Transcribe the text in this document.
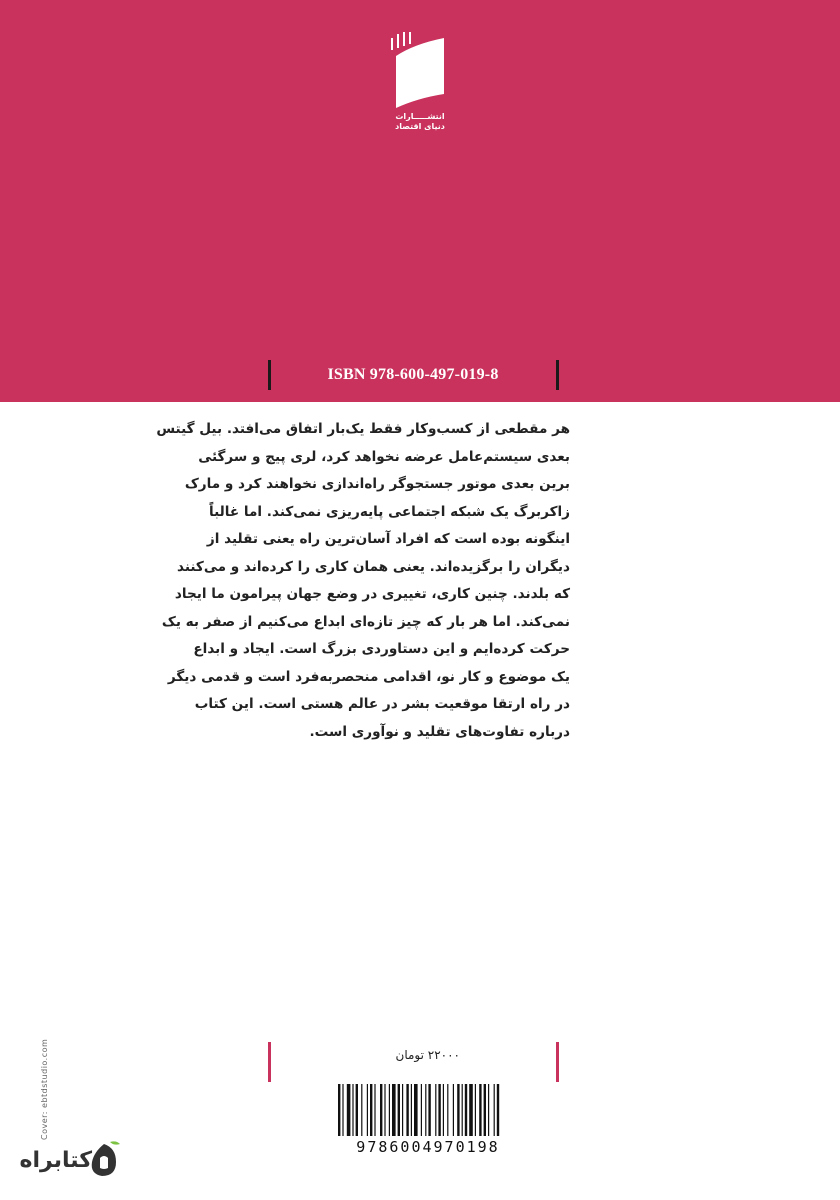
انتشـــــارات
دنیای اقتصاد
ISBN 978-600-497-019-8
هر مقطعی از کسب‌وکار فقط یک‌بار اتفاق می‌افتد. بیل گیتس
بعدی سیستم‌عامل عرضه نخواهد کرد، لری پیج و سرگئی
برین بعدی موتور جستجوگر راه‌اندازی نخواهند کرد و مارک
زاکربرگ یک شبکه اجتماعی پایه‌ریزی نمی‌کند. اما غالباً
اینگونه بوده است که افراد آسان‌ترین راه یعنی تقلید از
دیگران را برگزیده‌اند. یعنی همان کاری را کرده‌اند و می‌کنند
که بلدند. چنین کاری، تغییری در وضع جهان پیرامون ما ایجاد
نمی‌کند. اما هر بار که چیز تازه‌ای ابداع می‌کنیم از صفر به یک
حرکت کرده‌ایم و این دستاوردی بزرگ است. ایجاد و ابداع
یک موضوع و کار نو، اقدامی منحصربه‌فرد است و قدمی دیگر
در راه ارتقا موقعیت بشر در عالم هستی است. این کتاب
درباره تفاوت‌های تقلید و نوآوری است.
۲۲۰۰۰ تومان
9786004970198
Cover: ebtdstudio.com
کتابراه
